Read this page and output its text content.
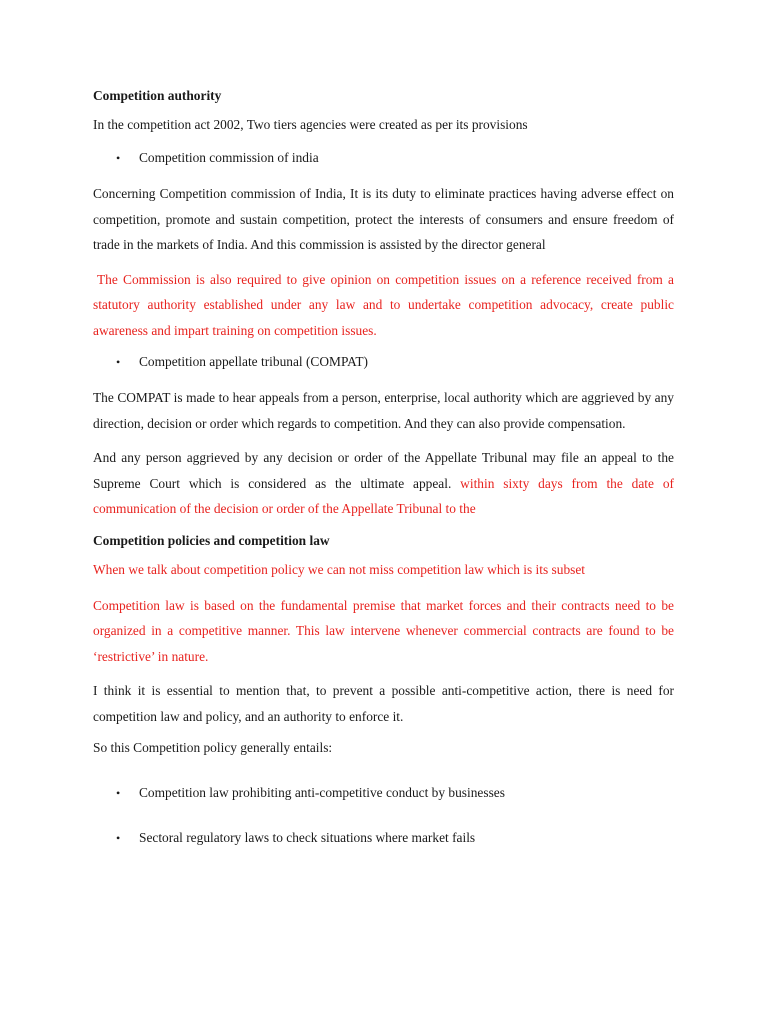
Competition authority
In the competition act 2002, Two tiers agencies were created as per its provisions
• Competition commission of india
Concerning Competition commission of India, It is its duty to eliminate practices having adverse effect on competition, promote and sustain competition, protect the interests of consumers and ensure freedom of trade in the markets of India. And this commission is assisted by the director general
The Commission is also required to give opinion on competition issues on a reference received from a statutory authority established under any law and to undertake competition advocacy, create public awareness and impart training on competition issues.
• Competition appellate tribunal (COMPAT)
The COMPAT is made to hear appeals from a person, enterprise, local authority which are aggrieved by any direction, decision or order which regards to competition. And they can also provide compensation.
And any person aggrieved by any decision or order of the Appellate Tribunal may file an appeal to the Supreme Court which is considered as the ultimate appeal. within sixty days from the date of communication of the decision or order of the Appellate Tribunal to the
Competition policies and competition law
When we talk about competition policy we can not miss competition law which is its subset
Competition law is based on the fundamental premise that market forces and their contracts need to be organized in a competitive manner. This law intervene whenever commercial contracts are found to be ‘restrictive’ in nature.
I think it is essential to mention that, to prevent a possible anti-competitive action, there is need for competition law and policy, and an authority to enforce it.
So this Competition policy generally entails:
• Competition law prohibiting anti-competitive conduct by businesses
• Sectoral regulatory laws to check situations where market fails
